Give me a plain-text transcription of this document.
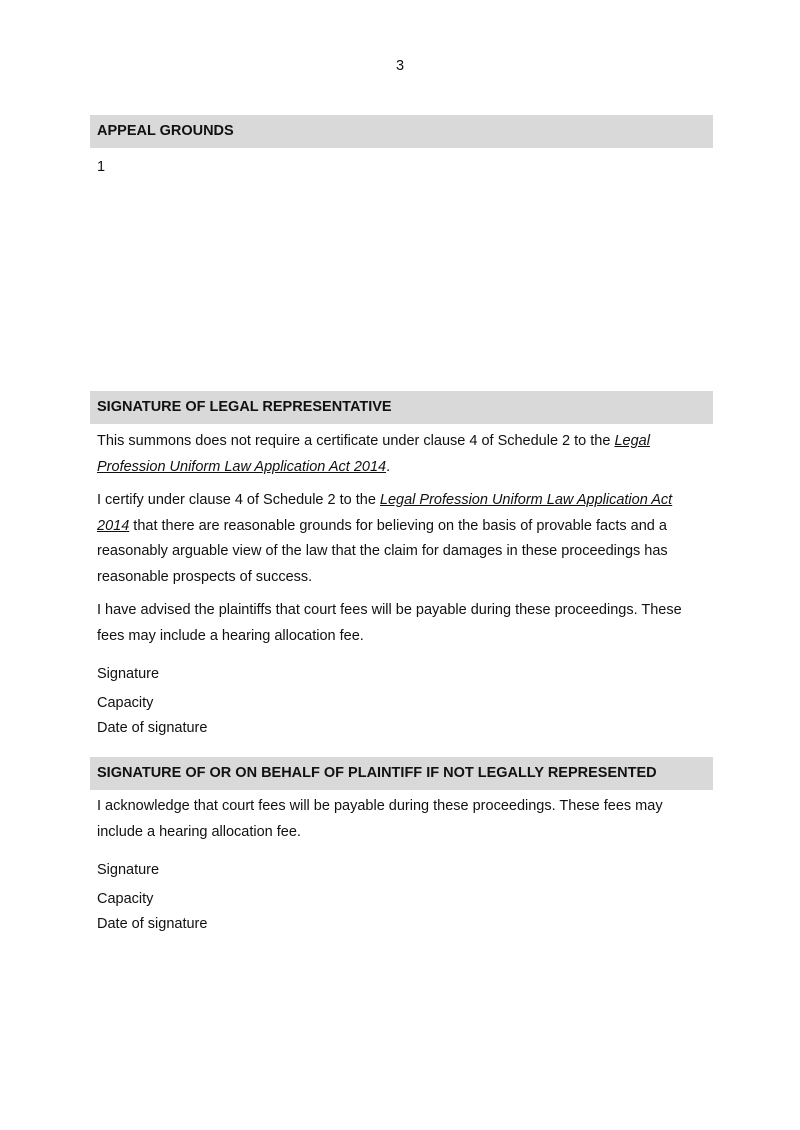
3
APPEAL GROUNDS
1
SIGNATURE OF LEGAL REPRESENTATIVE

This summons does not require a certificate under clause 4 of Schedule 2 to the Legal Profession Uniform Law Application Act 2014.

I certify under clause 4 of Schedule 2 to the Legal Profession Uniform Law Application Act 2014 that there are reasonable grounds for believing on the basis of provable facts and a reasonably arguable view of the law that the claim for damages in these proceedings has reasonable prospects of success.

I have advised the plaintiffs that court fees will be payable during these proceedings. These fees may include a hearing allocation fee.

Signature
Capacity
Date of signature
SIGNATURE OF OR ON BEHALF OF PLAINTIFF IF NOT LEGALLY REPRESENTED

I acknowledge that court fees will be payable during these proceedings. These fees may include a hearing allocation fee.

Signature
Capacity
Date of signature
